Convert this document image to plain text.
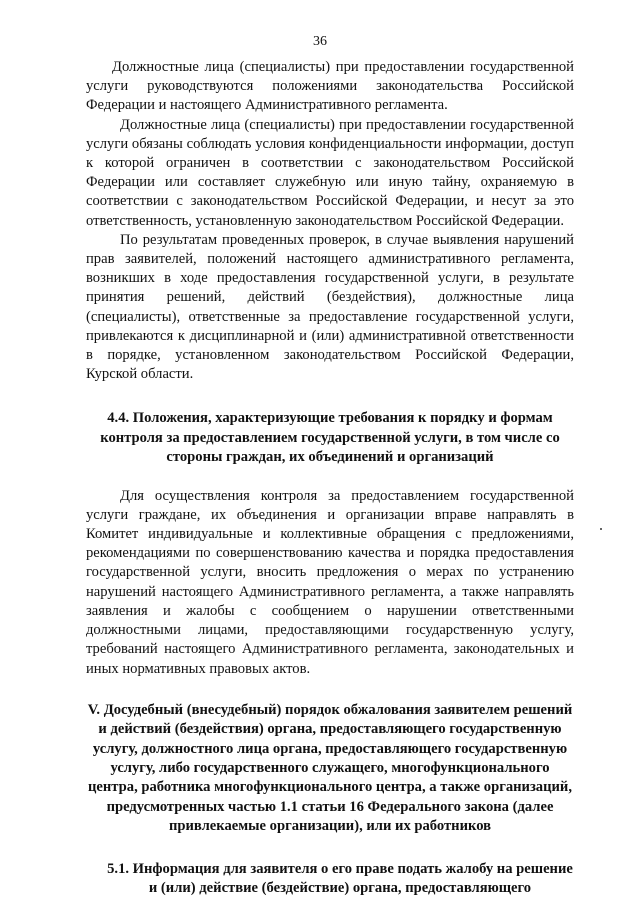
36

Должностные лица (специалисты) при предоставлении государственной услуги руководствуются положениями законодательства Российской Федерации и настоящего Административного регламента.

Должностные лица (специалисты) при предоставлении государственной услуги обязаны соблюдать условия конфиденциальности информации, доступ к которой ограничен в соответствии с законодательством Российской Федерации или составляет служебную или иную тайну, охраняемую в соответствии с законодательством Российской Федерации, и несут за это ответственность, установленную законодательством Российской Федерации.

По результатам проведенных проверок, в случае выявления нарушений прав заявителей, положений настоящего административного регламента, возникших в ходе предоставления государственной услуги, в результате принятия решений, действий (бездействия), должностные лица (специалисты), ответственные за предоставление государственной услуги, привлекаются к дисциплинарной и (или) административной ответственности в порядке, установленном законодательством Российской Федерации, Курской области.

4.4. Положения, характеризующие требования к порядку и формам контроля за предоставлением государственной услуги, в том числе со стороны граждан, их объединений и организаций

Для осуществления контроля за предоставлением государственной услуги граждане, их объединения и организации вправе направлять в Комитет индивидуальные и коллективные обращения с предложениями, рекомендациями по совершенствованию качества и порядка предоставления государственной услуги, вносить предложения о мерах по устранению нарушений настоящего Административного регламента, а также направлять заявления и жалобы с сообщением о нарушении ответственными должностными лицами, предоставляющими государственную услугу, требований настоящего Административного регламента, законодательных и иных нормативных правовых актов.

V. Досудебный (внесудебный) порядок обжалования заявителем решений и действий (бездействия) органа, предоставляющего государственную услугу, должностного лица органа, предоставляющего государственную услугу, либо государственного служащего, многофункционального центра, работника многофункционального центра, а также организаций, предусмотренных частью 1.1 статьи 16 Федерального закона (далее привлекаемые организации), или их работников
5.1. Информация для заявителя о его праве подать жалобу на решение и (или) действие (бездействие) органа, предоставляющего
